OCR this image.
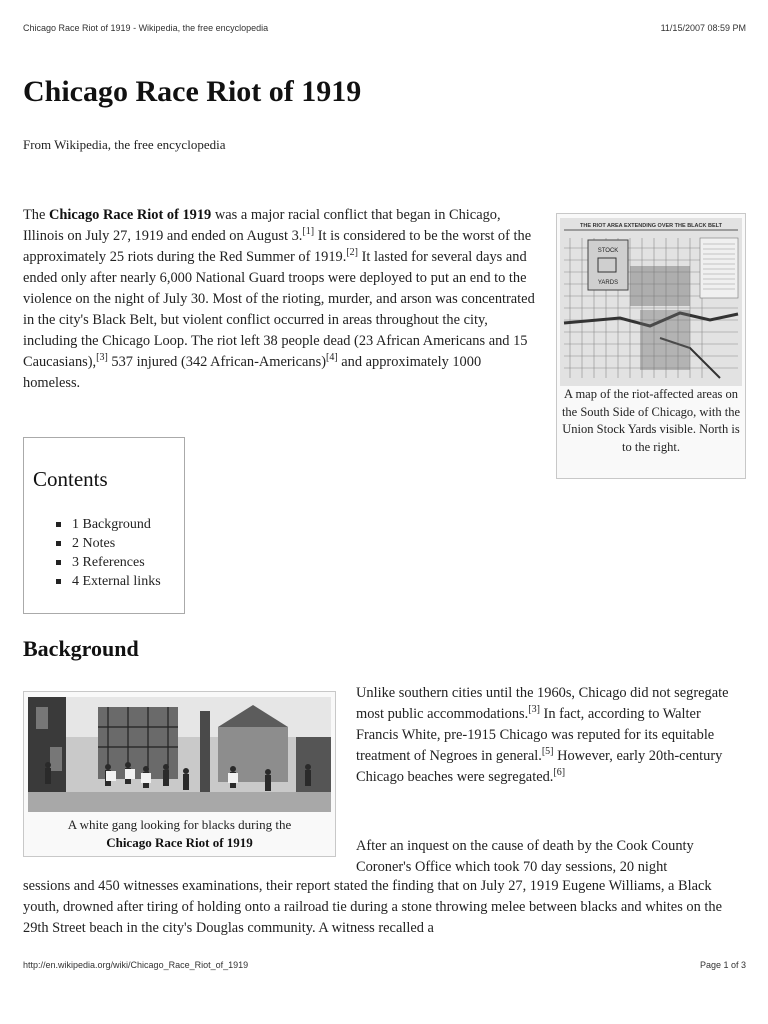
Chicago Race Riot of 1919 - Wikipedia, the free encyclopedia	11/15/2007 08:59 PM
Chicago Race Riot of 1919
From Wikipedia, the free encyclopedia

The Chicago Race Riot of 1919 was a major racial conflict that began in Chicago, Illinois on July 27, 1919 and ended on August 3.[1] It is considered to be the worst of the approximately 25 riots during the Red Summer of 1919.[2] It lasted for several days and ended only after nearly 6,000 National Guard troops were deployed to put an end to the violence on the night of July 30. Most of the rioting, murder, and arson was concentrated in the city's Black Belt, but violent conflict occurred in areas throughout the city, including the Chicago Loop. The riot left 38 people dead (23 African Americans and 15 Caucasians),[3] 537 injured (342 African-Americans)[4] and approximately 1000 homeless.

THE RIOT AREA EXTENDING OVER THE BLACK BELT
STOCK
YARDS
A map of the riot-affected areas on the South Side of Chicago, with the Union Stock Yards visible. North is to the right.
Contents
1 Background
2 Notes
3 References
4 External links
Background
A white gang looking for blacks during the
Chicago Race Riot of 1919

Unlike southern cities until the 1960s, Chicago did not segregate most public accommodations.[3] In fact, according to Walter Francis White, pre-1915 Chicago was reputed for its equitable treatment of Negroes in general.[5] However, early 20th-century Chicago beaches were segregated.[6]

After an inquest on the cause of death by the Cook County Coroner's Office which took 70 day sessions, 20 night

sessions and 450 witnesses examinations, their report stated the finding that on July 27, 1919 Eugene Williams, a Black youth, drowned after tiring of holding onto a railroad tie during a stone throwing melee between blacks and whites on the 29th Street beach in the city's Douglas community. A witness recalled a

http://en.wikipedia.org/wiki/Chicago_Race_Riot_of_1919	Page 1 of 3
